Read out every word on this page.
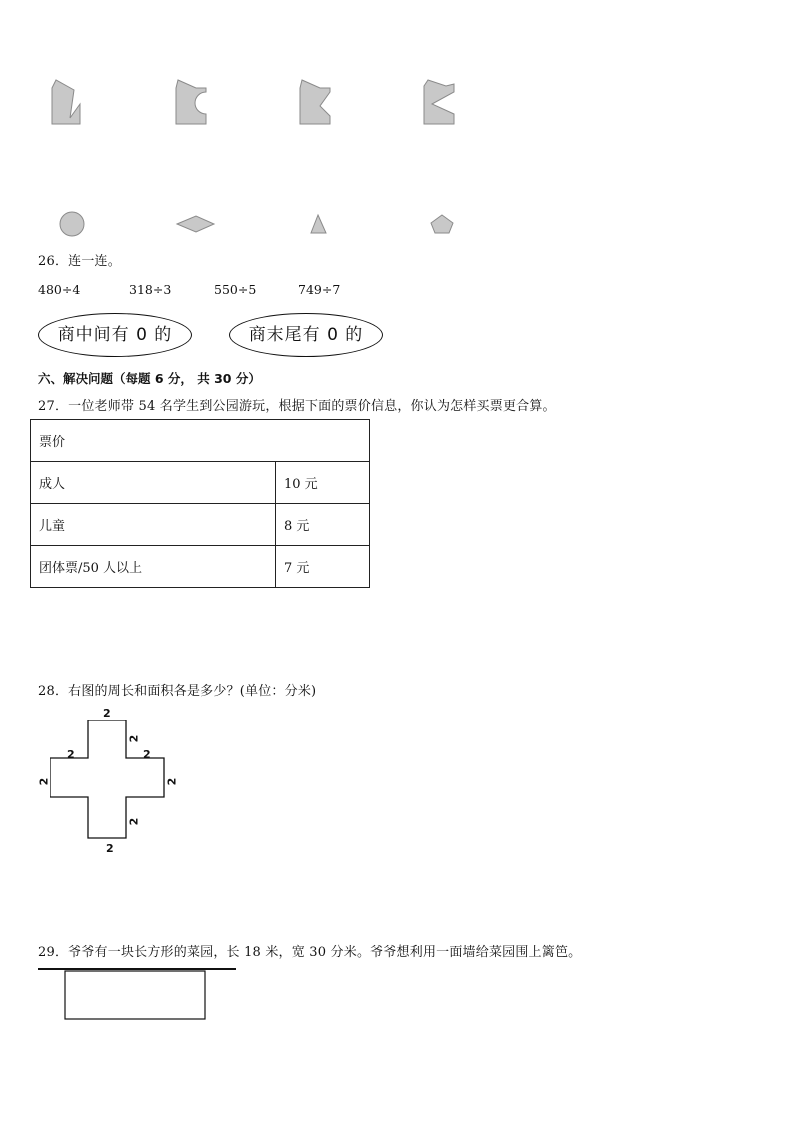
26．连一连。
480÷4	318÷3	550÷5	749÷7
商中间有 0 的	商末尾有 0 的
六、解决问题（每题 6 分， 共 30 分）
27．一位老师带 54 名学生到公园游玩，根据下面的票价信息，你认为怎样买票更合算。
票价	
成人	10 元
儿童	8 元
团体票/50 人以上	7 元
28．右图的周长和面积各是多少？(单位：分米)
2
2
2	2
2	2
2
2
29．爷爷有一块长方形的菜园，长 18 米，宽 30 分米。爷爷想利用一面墙给菜园围上篱笆。
